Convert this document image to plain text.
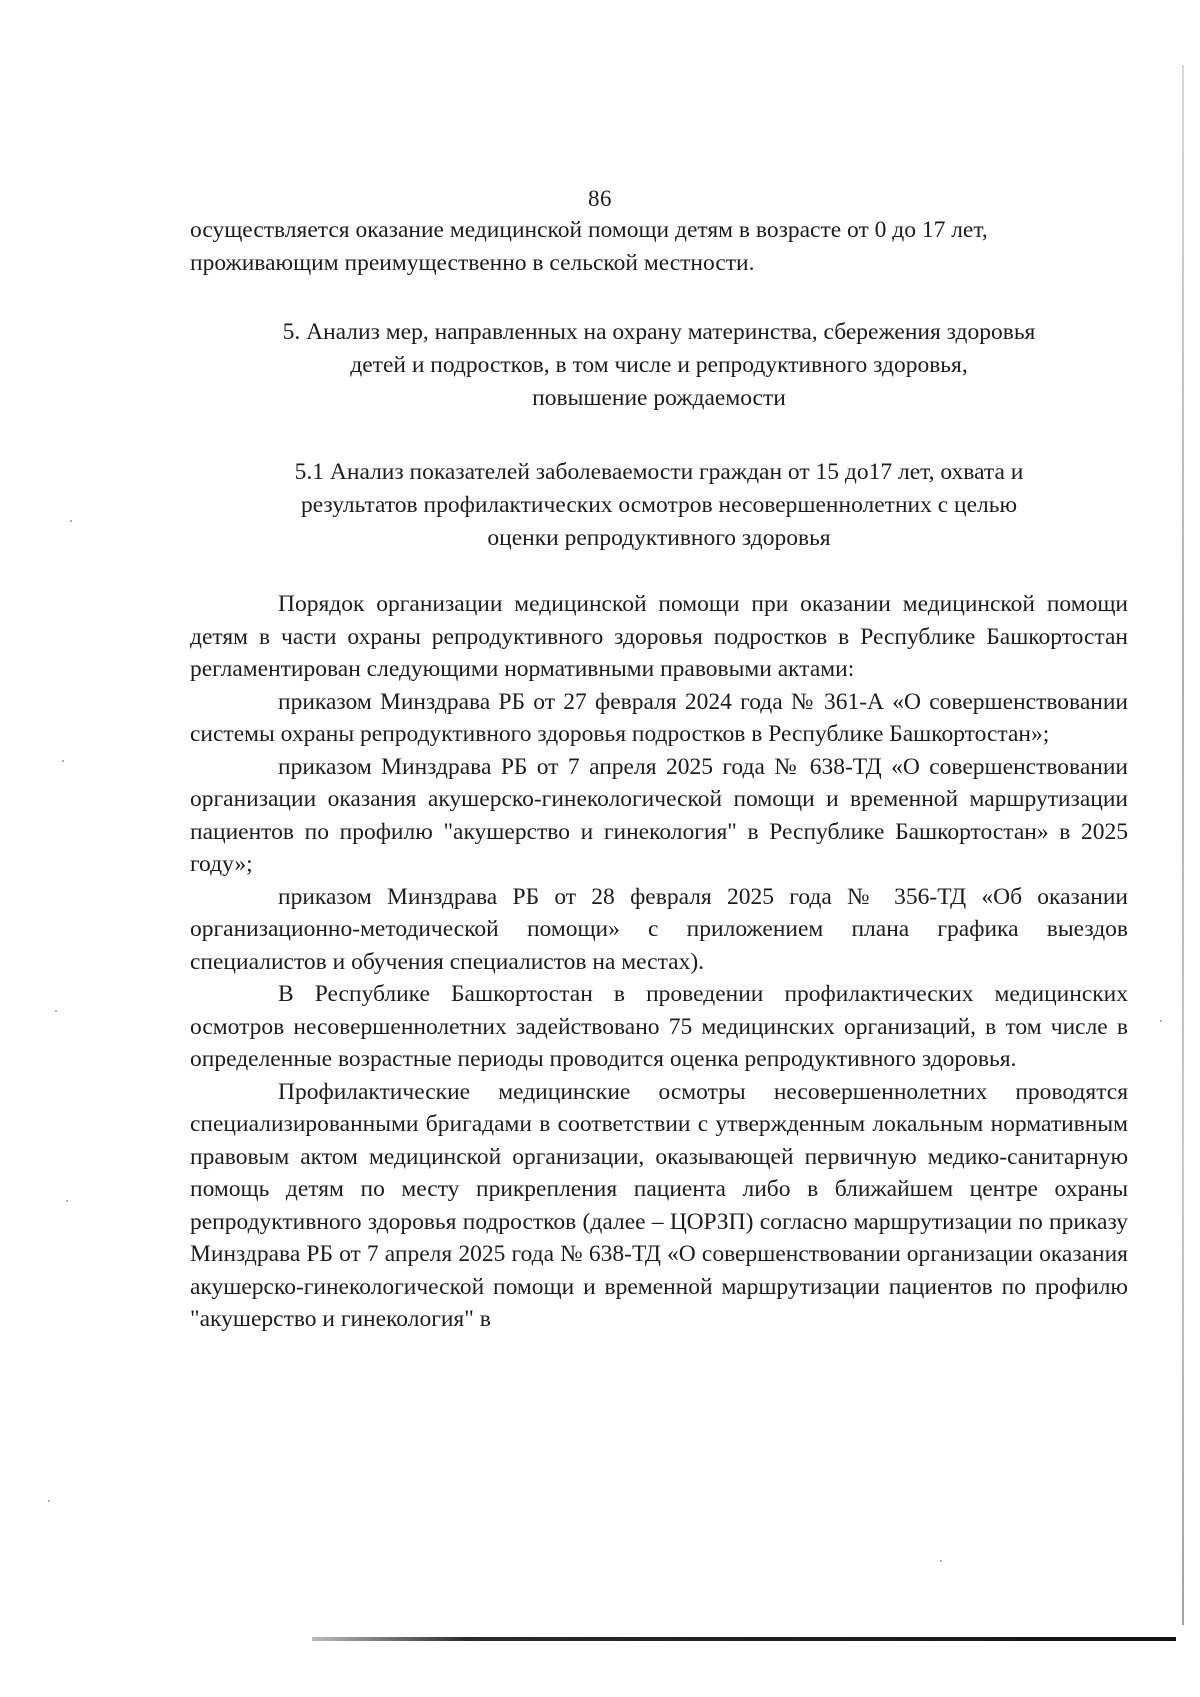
86
осуществляется оказание медицинской помощи детям в возрасте от 0 до 17 лет, проживающим преимущественно в сельской местности.
5. Анализ мер, направленных на охрану материнства, сбережения здоровья
детей и подростков, в том числе и репродуктивного здоровья,
повышение рождаемости
5.1 Анализ показателей заболеваемости граждан от 15 до17 лет, охвата и
результатов профилактических осмотров несовершеннолетних с целью
оценки репродуктивного здоровья

Порядок организации медицинской помощи при оказании медицинской помощи детям в части охраны репродуктивного здоровья подростков в Республике Башкортостан регламентирован следующими нормативными правовыми актами:

приказом Минздрава РБ от 27 февраля 2024 года № 361-А «О совершенствовании системы охраны репродуктивного здоровья подростков в Республике Башкортостан»;

приказом Минздрава РБ от 7 апреля 2025 года № 638-ТД «О совершенствовании организации оказания акушерско-гинекологической помощи и временной маршрутизации пациентов по профилю "акушерство и гинекология" в Республике Башкортостан» в 2025 году»;

приказом Минздрава РБ от 28 февраля 2025 года № 356-ТД «Об оказании организационно-методической помощи» с приложением плана графика выездов специалистов и обучения специалистов на местах).

В Республике Башкортостан в проведении профилактических медицинских осмотров несовершеннолетних задействовано 75 медицинских организаций, в том числе в определенные возрастные периоды проводится оценка репродуктивного здоровья.

Профилактические медицинские осмотры несовершеннолетних проводятся специализированными бригадами в соответствии с утвержденным локальным нормативным правовым актом медицинской организации, оказывающей первичную медико-санитарную помощь детям по месту прикрепления пациента либо в ближайшем центре охраны репродуктивного здоровья подростков (далее – ЦОРЗП) согласно маршрутизации по приказу Минздрава РБ от 7 апреля 2025 года № 638-ТД «О совершенствовании организации оказания акушерско-гинекологической помощи и временной маршрутизации пациентов по профилю "акушерство и гинекология" в
